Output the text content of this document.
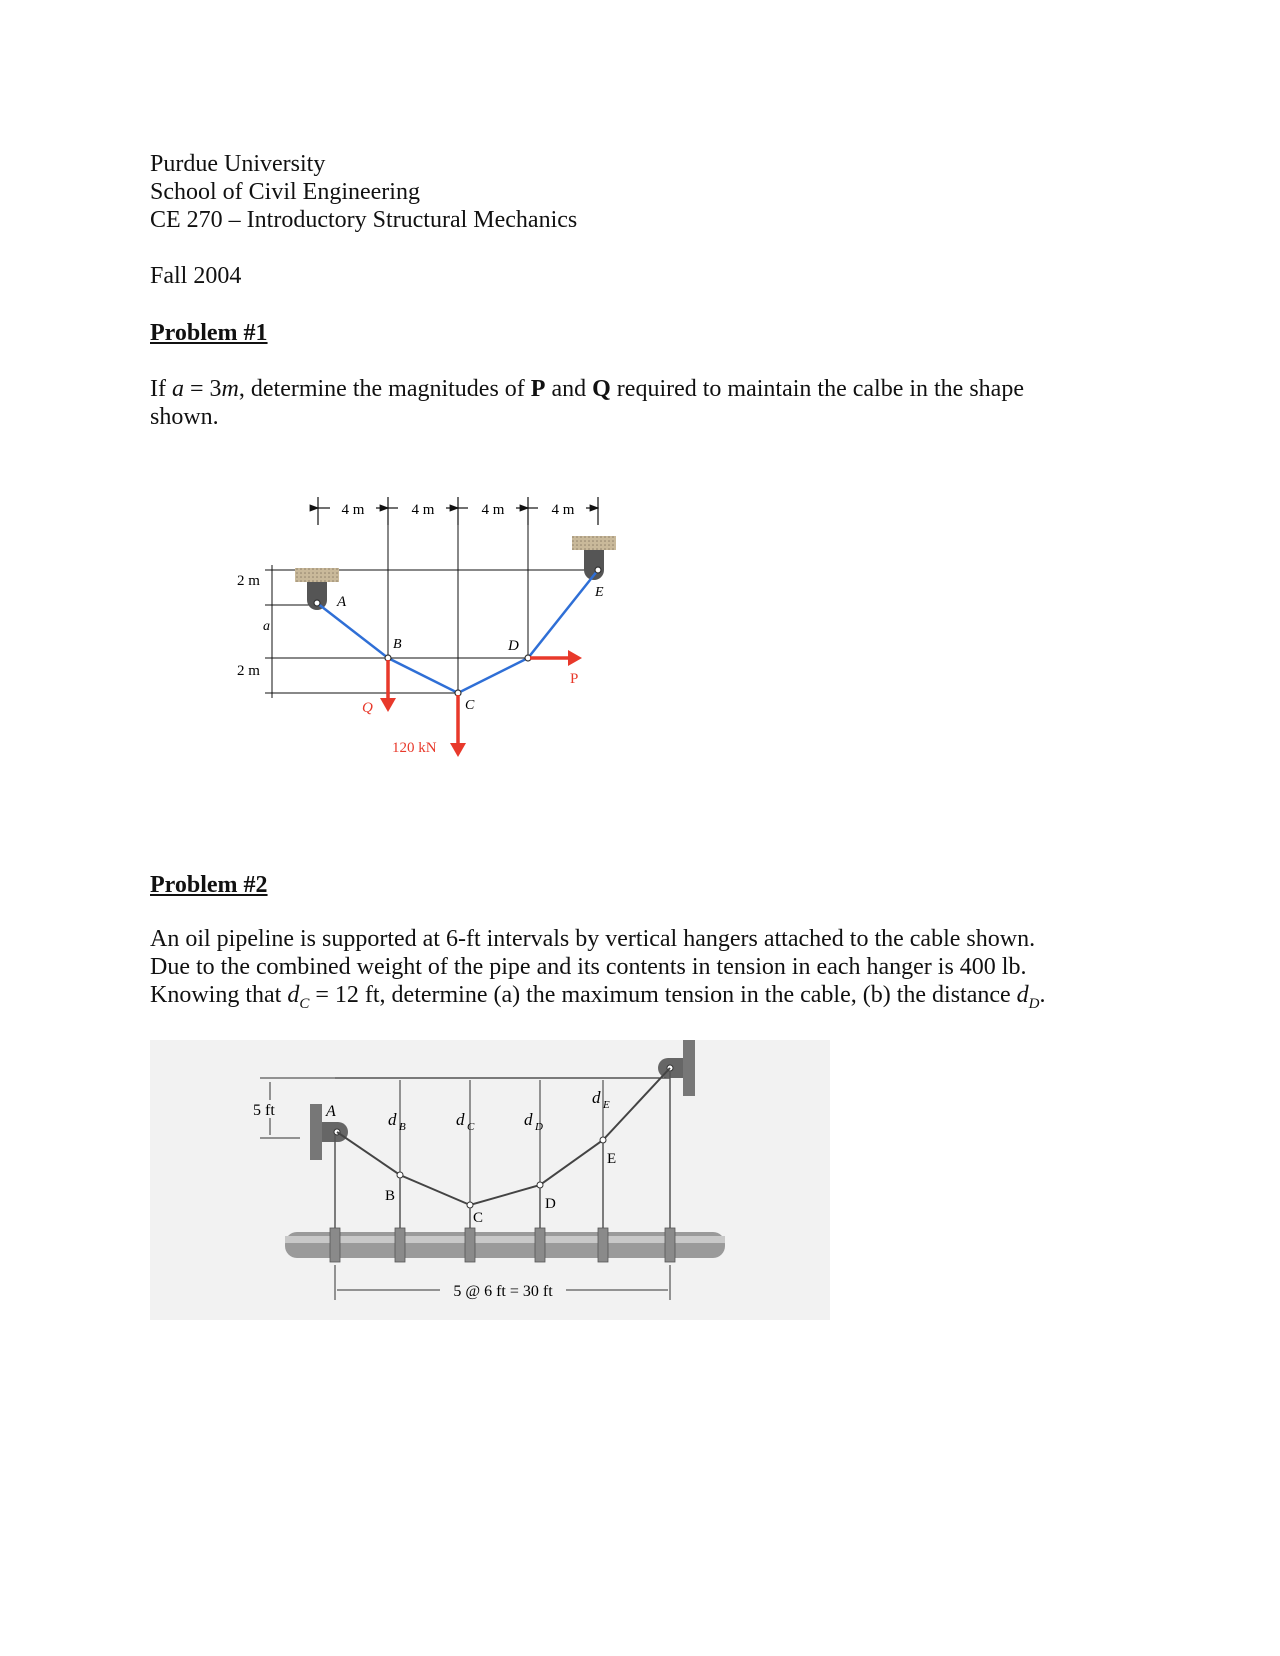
Purdue University
School of Civil Engineering
CE 270 – Introductory Structural Mechanics
Fall 2004
Problem #1

If a = 3m, determine the magnitudes of P and Q required to maintain the calbe in the shape

shown.

4 m	4 m	4 m	4 m
2 m
a
2 m
A
B
C
D
E
Q
120 kN
P
Problem #2

An oil pipeline is supported at 6-ft intervals by vertical hangers attached to the cable shown.

Due to the combined weight of the pipe and its contents in tension in each hanger is 400 lb.

Knowing that $d_C = 12$ ft, determine (a) the maximum tension in the cable, (b) the distance $d_D$.

5 ft	A	d B	d C	d D
d E
B
C
D
E
5 @ 6 ft = 30 ft
